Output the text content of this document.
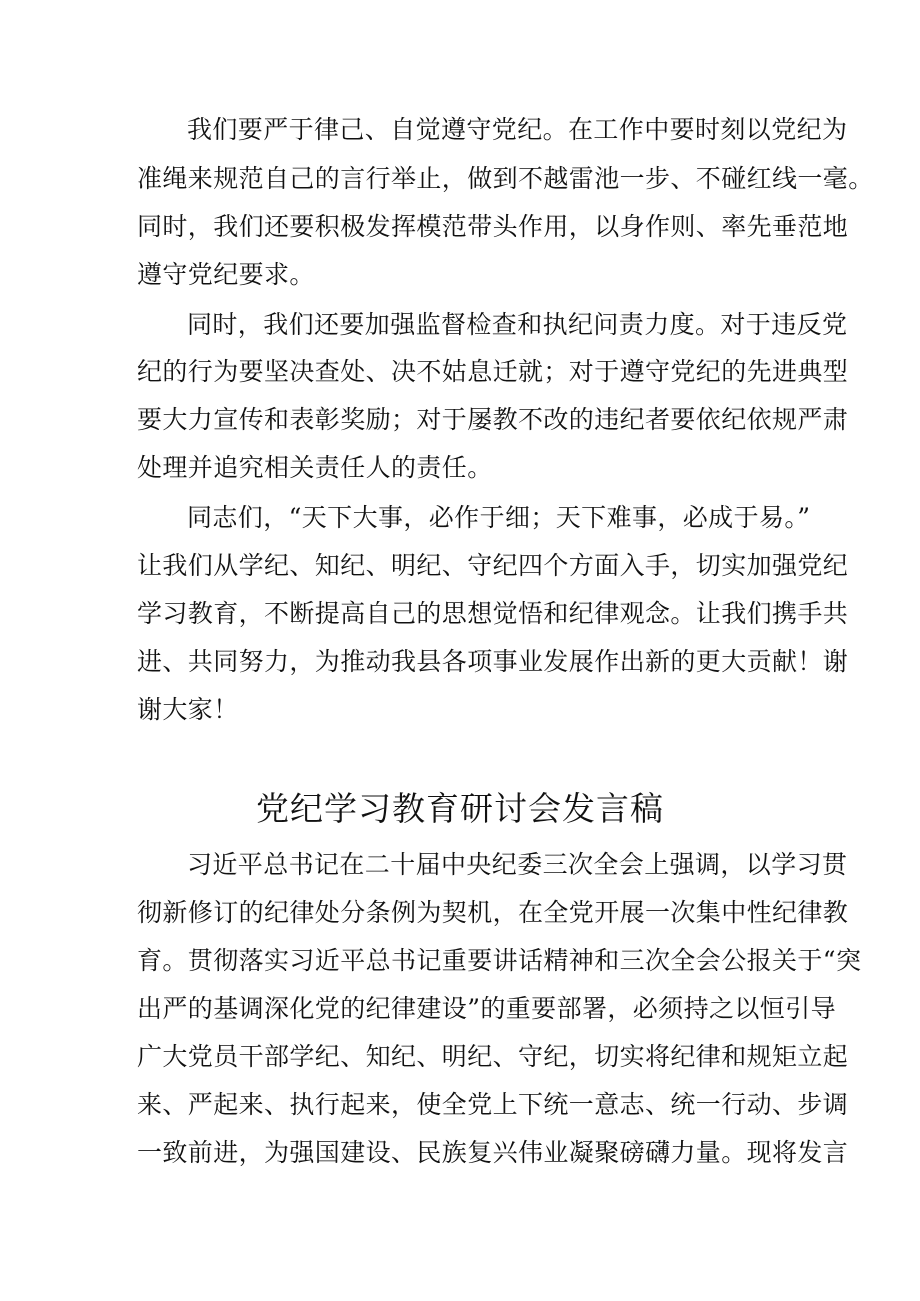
我们要严于律己、自觉遵守党纪。在工作中要时刻以党纪为
准绳来规范自己的言行举止，做到不越雷池一步、不碰红线一毫。
同时，我们还要积极发挥模范带头作用，以身作则、率先垂范地
遵守党纪要求。
同时，我们还要加强监督检查和执纪问责力度。对于违反党
纪的行为要坚决查处、决不姑息迁就；对于遵守党纪的先进典型
要大力宣传和表彰奖励；对于屡教不改的违纪者要依纪依规严肃
处理并追究相关责任人的责任。
同志们，“天下大事，必作于细；天下难事，必成于易。”
让我们从学纪、知纪、明纪、守纪四个方面入手，切实加强党纪
学习教育，不断提高自己的思想觉悟和纪律观念。让我们携手共
进、共同努力，为推动我县各项事业发展作出新的更大贡献！谢
谢大家！
党纪学习教育研讨会发言稿
习近平总书记在二十届中央纪委三次全会上强调，以学习贯
彻新修订的纪律处分条例为契机，在全党开展一次集中性纪律教
育。贯彻落实习近平总书记重要讲话精神和三次全会公报关于“突
出严的基调深化党的纪律建设”的重要部署，必须持之以恒引导
广大党员干部学纪、知纪、明纪、守纪，切实将纪律和规矩立起
来、严起来、执行起来，使全党上下统一意志、统一行动、步调
一致前进，为强国建设、民族复兴伟业凝聚磅礴力量。现将发言
